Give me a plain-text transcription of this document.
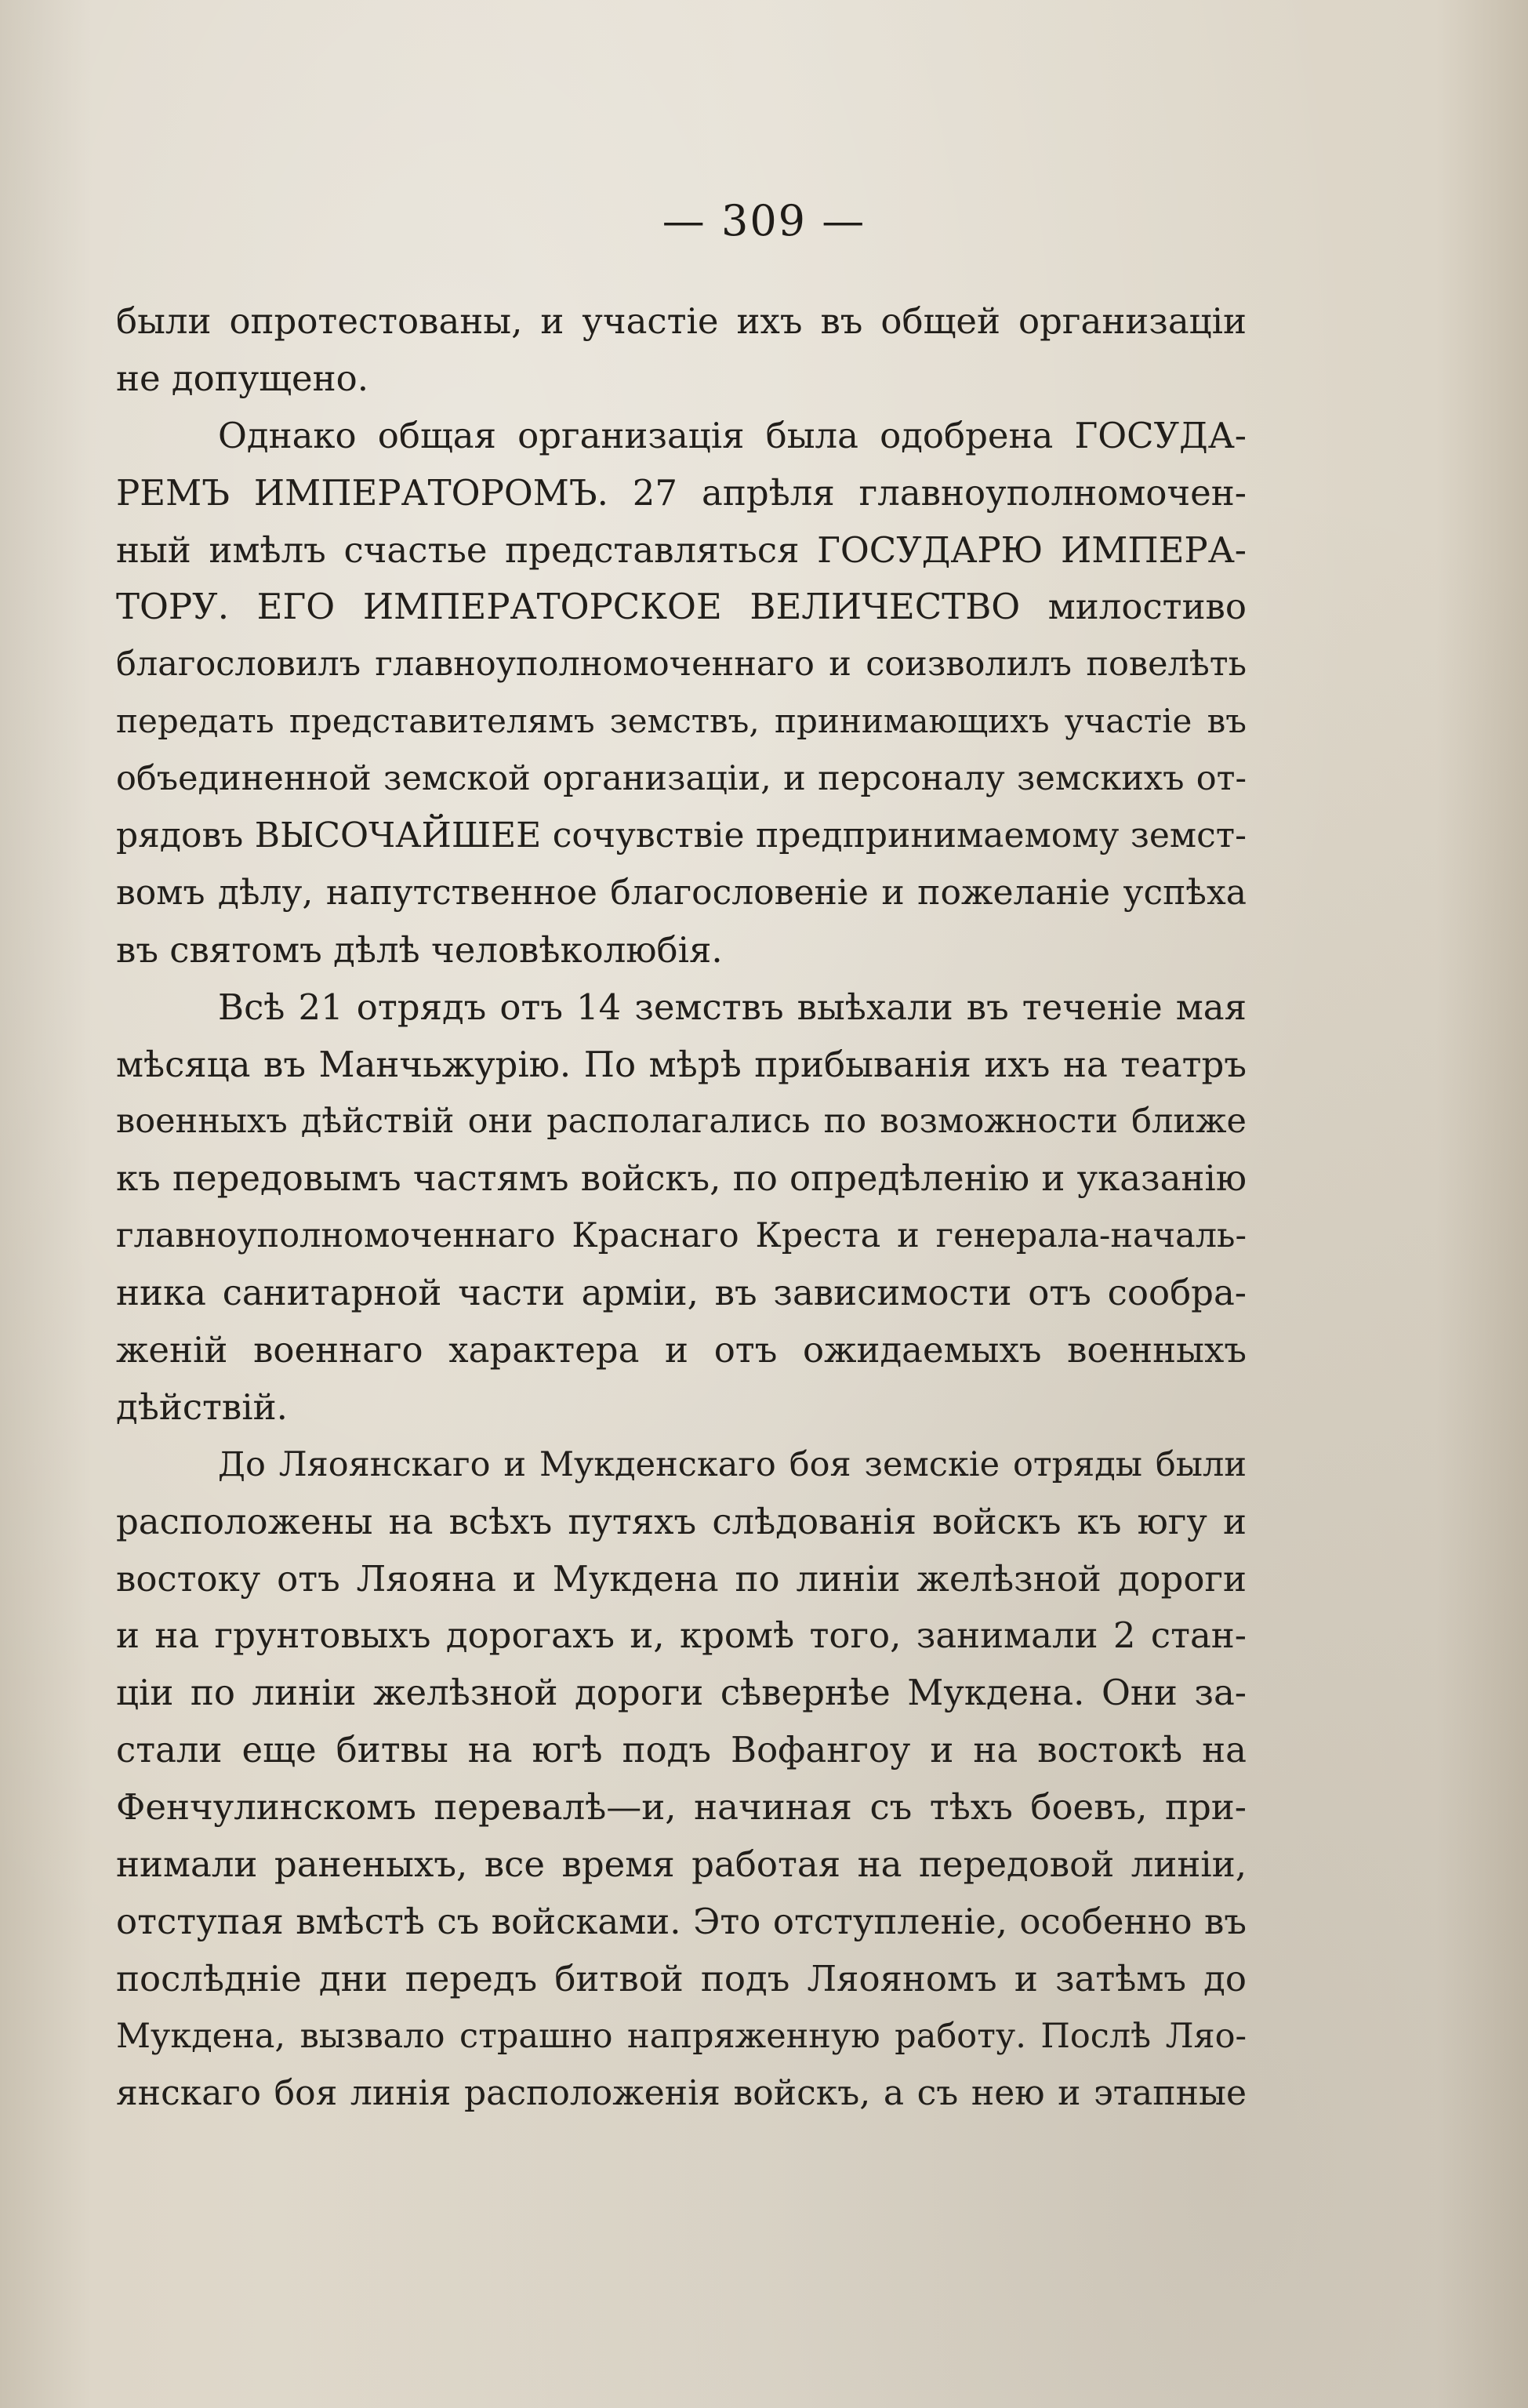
— 309 —
были опротестованы, и участіе ихъ въ общей организаціи
не допущено.
Однако общая организація была одобрена ГОСУДА-
РЕМЪ ИМПЕРАТОРОМЪ. 27 апрѣля главноуполномочен-
ный имѣлъ счастье представляться ГОСУДАРЮ ИМПЕРА-
ТОРУ. ЕГО ИМПЕРАТОРСКОЕ ВЕЛИЧЕСТВО милостиво
благословилъ главноуполномоченнаго и соизволилъ повелѣть
передать представителямъ земствъ, принимающихъ участіе въ
объединенной земской организаціи, и персоналу земскихъ от-
рядовъ ВЫСОЧАЙШЕЕ сочувствіе предпринимаемому земст-
вомъ дѣлу, напутственное благословеніе и пожеланіе успѣха
въ святомъ дѣлѣ человѣколюбія.
Всѣ 21 отрядъ отъ 14 земствъ выѣхали въ теченіе мая
мѣсяца въ Манчьжурію. По мѣрѣ прибыванія ихъ на театръ
военныхъ дѣйствій они располагались по возможности ближе
къ передовымъ частямъ войскъ, по опредѣленію и указанію
главноуполномоченнаго Краснаго Креста и генерала-началь-
ника санитарной части арміи, въ зависимости отъ сообра-
женій военнаго характера и отъ ожидаемыхъ военныхъ
дѣйствій.
До Ляоянскаго и Мукденскаго боя земскіе отряды были
расположены на всѣхъ путяхъ слѣдованія войскъ къ югу и
востоку отъ Ляояна и Мукдена по линіи желѣзной дороги
и на грунтовыхъ дорогахъ и, кромѣ того, занимали 2 стан-
ціи по линіи желѣзной дороги сѣвернѣе Мукдена. Они за-
стали еще битвы на югѣ подъ Вофангоу и на востокѣ на
Фенчулинскомъ перевалѣ—и, начиная съ тѣхъ боевъ, при-
нимали раненыхъ, все время работая на передовой линіи,
отступая вмѣстѣ съ войсками. Это отступленіе, особенно въ
послѣдніе дни передъ битвой подъ Ляояномъ и затѣмъ до
Мукдена, вызвало страшно напряженную работу. Послѣ Ляо-
янскаго боя линія расположенія войскъ, а съ нею и этапные
